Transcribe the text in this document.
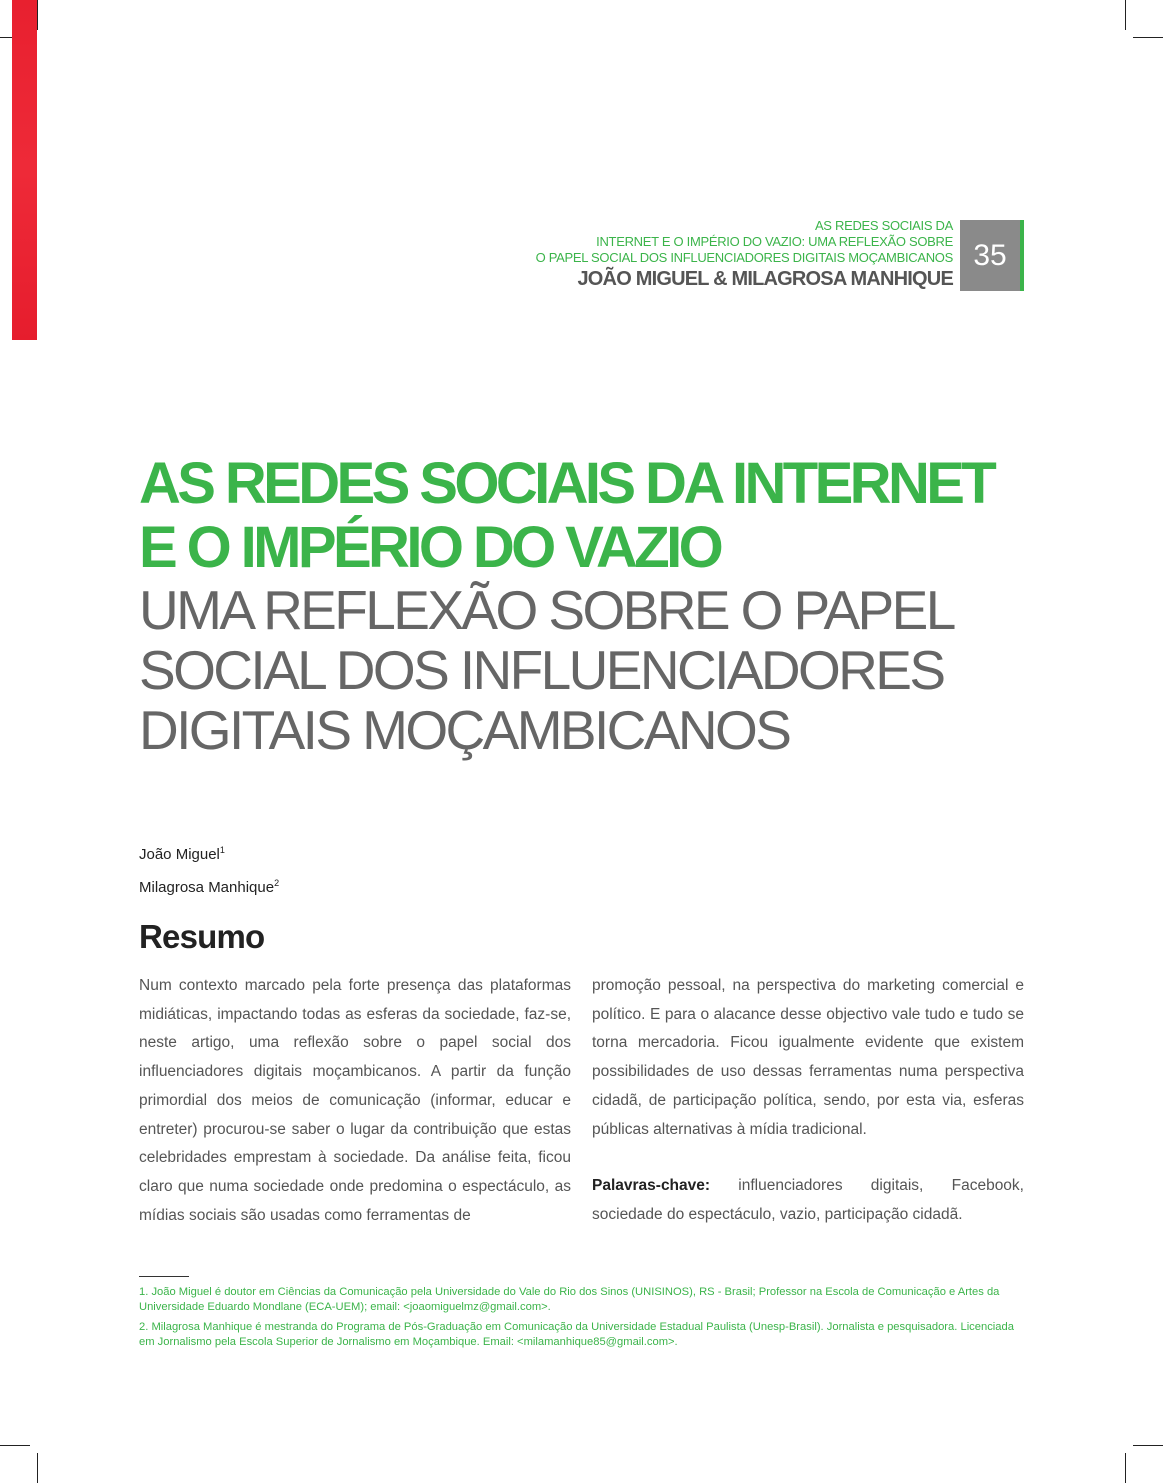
AS REDES SOCIAIS DA
INTERNET E O IMPÉRIO DO VAZIO: UMA REFLEXÃO SOBRE
O PAPEL SOCIAL DOS INFLUENCIADORES DIGITAIS MOÇAMBICANOS
JOÃO MIGUEL & MILAGROSA MANHIQUE
35
AS REDES SOCIAIS DA INTERNET
E O IMPÉRIO DO VAZIO
UMA REFLEXÃO SOBRE O PAPEL
SOCIAL DOS INFLUENCIADORES
DIGITAIS MOÇAMBICANOS
João Miguel$^1$
Milagrosa Manhique$^2$
Resumo

Num contexto marcado pela forte presença das plataformas midiáticas, impactando todas as esferas da sociedade, faz-se, neste artigo, uma reflexão sobre o papel social dos influenciadores digitais moçambicanos. A partir da função primordial dos meios de comunicação (informar, educar e entreter) procurou-se saber o lugar da contribuição que estas celebridades emprestam à sociedade. Da análise feita, ficou claro que numa sociedade onde predomina o espectáculo, as mídias sociais são usadas como ferramentas de

promoção pessoal, na perspectiva do marketing comercial e político. E para o alacance desse objectivo vale tudo e tudo se torna mercadoria. Ficou igualmente evidente que existem possibilidades de uso dessas ferramentas numa perspectiva cidadã, de participação política, sendo, por esta via, esferas públicas alternativas à mídia tradicional.

Palavras-chave: influenciadores digitais, Facebook, sociedade do espectáculo, vazio, participação cidadã.

1. João Miguel é doutor em Ciências da Comunicação pela Universidade do Vale do Rio dos Sinos (UNISINOS), RS - Brasil; Professor na Escola de Comunicação e Artes da Universidade Eduardo Mondlane (ECA-UEM); email: <joaomiguelmz@gmail.com>.
2. Milagrosa Manhique é mestranda do Programa de Pós-Graduação em Comunicação da Universidade Estadual Paulista (Unesp-Brasil). Jornalista e pesquisadora. Licenciada em Jornalismo pela Escola Superior de Jornalismo em Moçambique. Email: <milamanhique85@gmail.com>.
